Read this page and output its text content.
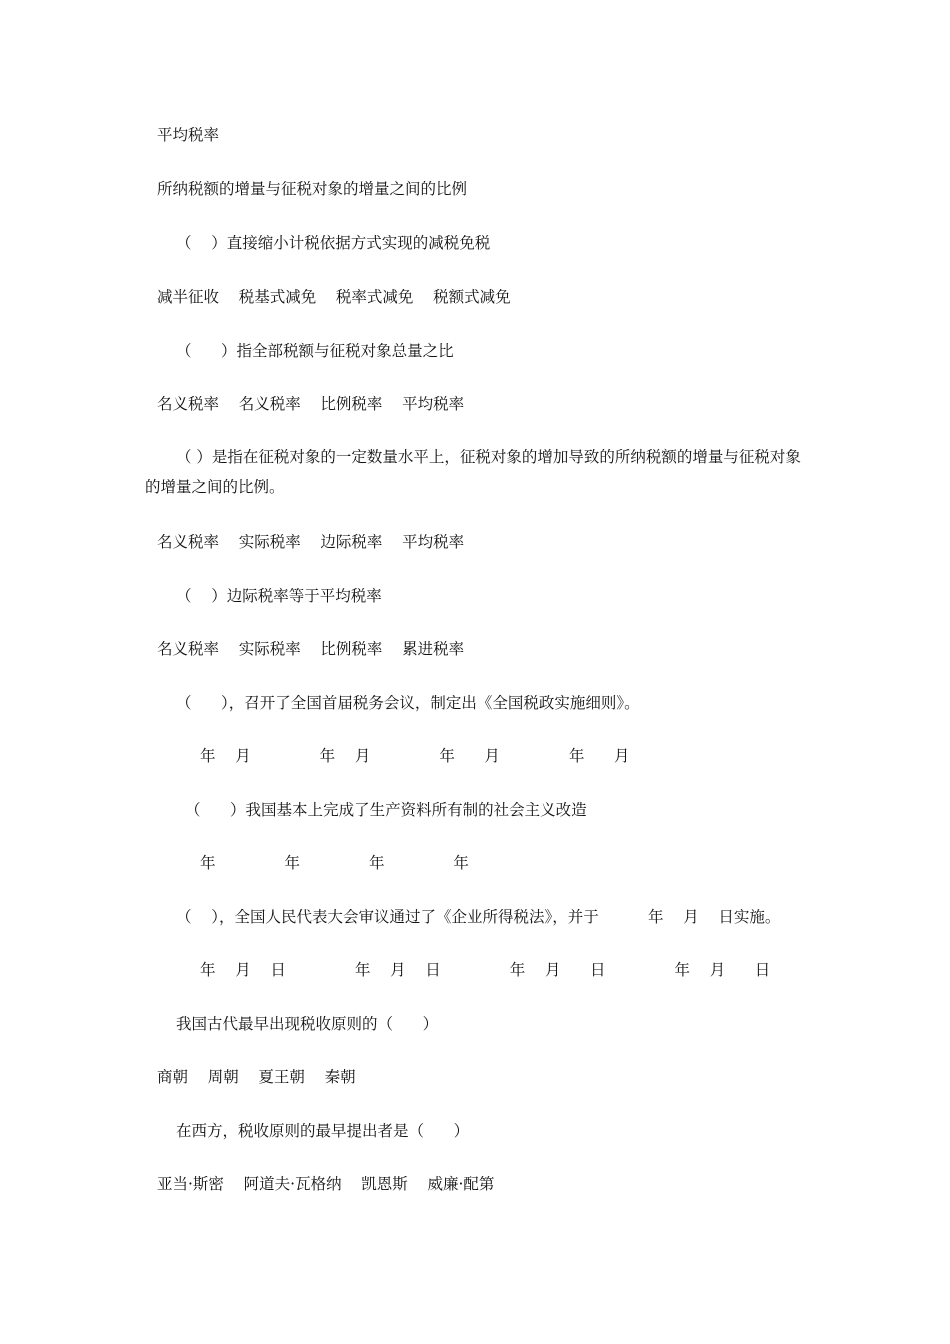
平均税率
所纳税额的增量与征税对象的增量之间的比例
（    ）直接缩小计税依据方式实现的减税免税
减半征收    税基式减免    税率式减免    税额式减免
（      ）指全部税额与征税对象总量之比
名义税率    名义税率    比例税率    平均税率
（ ）是指在征税对象的一定数量水平上，征税对象的增加导致的所纳税额的增量与征税对象的增量之间的比例。
名义税率    实际税率    边际税率    平均税率
（    ）边际税率等于平均税率
名义税率    实际税率    比例税率    累进税率
（      ），召开了全国首届税务会议，制定出《全国税政实施细则》。
年    月              年    月              年      月              年      月
（      ）我国基本上完成了生产资料所有制的社会主义改造
年              年              年              年
（    ），全国人民代表大会审议通过了《企业所得税法》，并于          年    月    日实施。
年    月    日              年    月    日              年    月      日              年    月      日
我国古代最早出现税收原则的（      ）
商朝    周朝    夏王朝    秦朝
在西方，税收原则的最早提出者是（      ）
亚当·斯密    阿道夫·瓦格纳    凯恩斯    威廉·配第
